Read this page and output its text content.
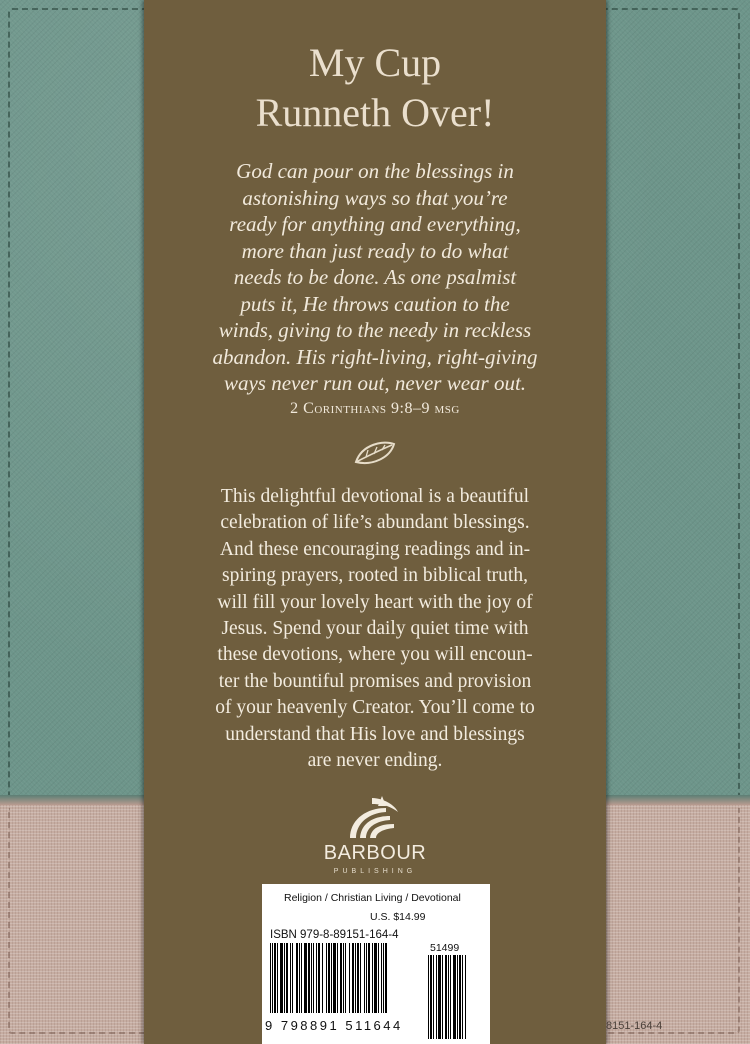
My Cup
Runneth Over!
God can pour on the blessings in
astonishing ways so that you’re
ready for anything and everything,
more than just ready to do what
needs to be done. As one psalmist
puts it, He throws caution to the
winds, giving to the needy in reckless
abandon. His right-living, right-giving
ways never run out, never wear out.
2 Corinthians 9:8–9 msg
This delightful devotional is a beautiful
celebration of life’s abundant blessings.
And these encouraging readings and in-
spiring prayers, rooted in biblical truth,
will fill your lovely heart with the joy of
Jesus. Spend your daily quiet time with
these devotions, where you will encoun-
ter the bountiful promises and provision
of your heavenly Creator. You’ll come to
understand that His love and blessings
are never ending.
BARBOUR
PUBLISHING
Religion / Christian Living / Devotional
U.S. $14.99
ISBN 979-8-89151-164-4
51499
9 798891 511644	8151-164-4
